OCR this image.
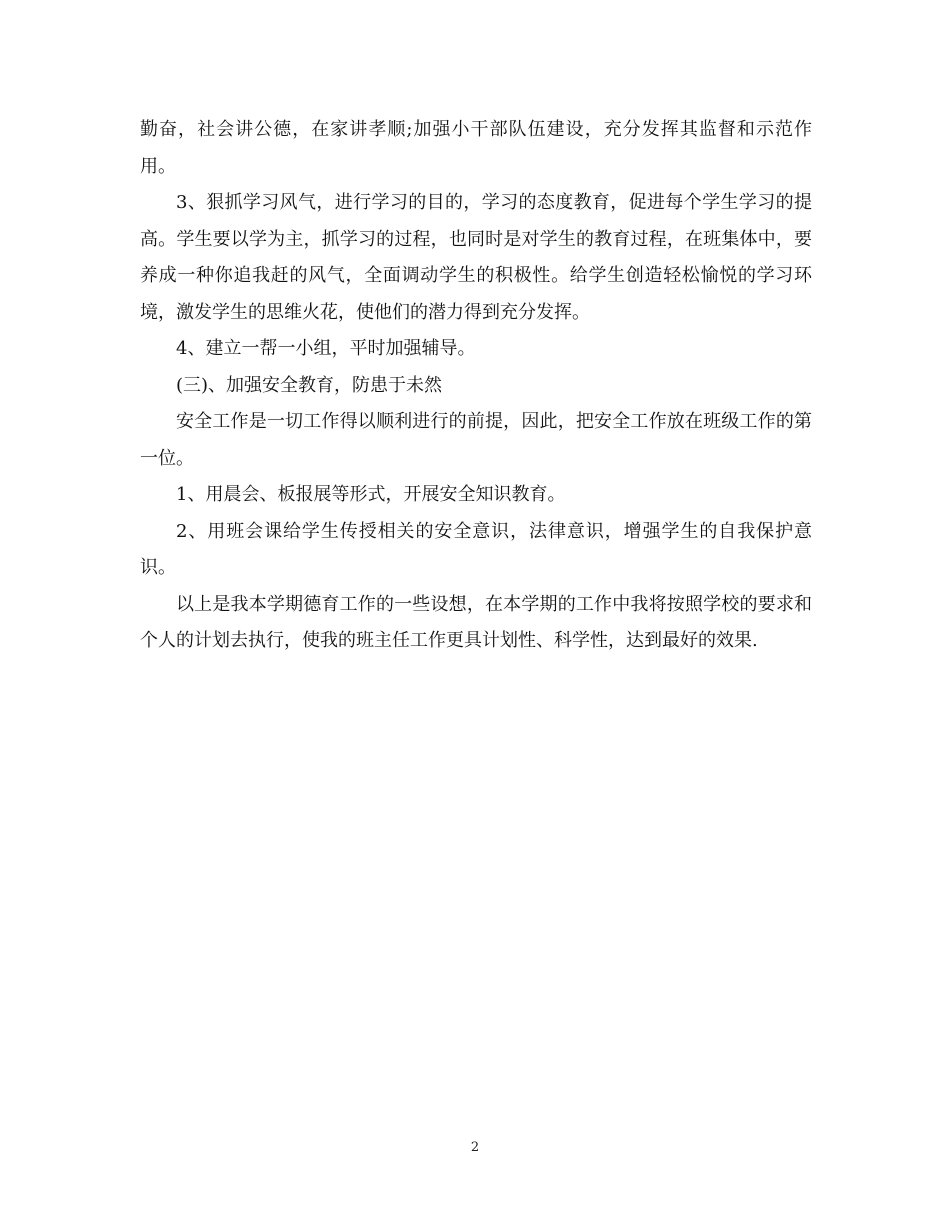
勤奋，社会讲公德，在家讲孝顺;加强小干部队伍建设，充分发挥其监督和示范作用。

3、狠抓学习风气，进行学习的目的，学习的态度教育，促进每个学生学习的提高。学生要以学为主，抓学习的过程，也同时是对学生的教育过程，在班集体中，要养成一种你追我赶的风气，全面调动学生的积极性。给学生创造轻松愉悦的学习环境，激发学生的思维火花，使他们的潜力得到充分发挥。

4、建立一帮一小组，平时加强辅导。

(三)、加强安全教育，防患于未然

安全工作是一切工作得以顺利进行的前提，因此，把安全工作放在班级工作的第一位。

1、用晨会、板报展等形式，开展安全知识教育。

2、用班会课给学生传授相关的安全意识，法律意识，增强学生的自我保护意识。

以上是我本学期德育工作的一些设想，在本学期的工作中我将按照学校的要求和个人的计划去执行，使我的班主任工作更具计划性、科学性，达到最好的效果.

2
